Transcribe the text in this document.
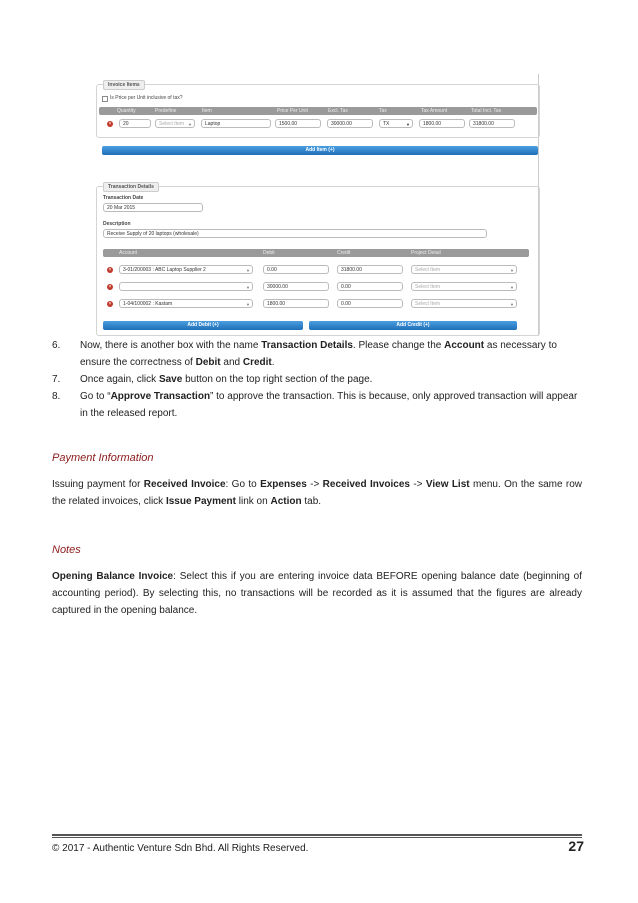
Invoice Items
Is Price per Unit inclusive of tax?
Quantity	Predefine	Item	Price Per Unit	Excl. Tax	Tax	Tax Amount	Total Incl. Tax
×	20	Select Item ▼	Laptop	1500.00	30000.00	TX	▼	1800.00	31800.00
Add Item (+)
Transaction Details
Transaction Date
20 Mar 2015
Description
Receive Supply of 20 laptops (wholesale)
Account	Debit	Credit	Project Detail
×	3-01/200003 : ABC Laptop Supplier 2	▼	0.00	31800.00	Select Item	▼
×	▼	30000.00	0.00	Select Item	▼
×	1-04/100002 : Kastam	▼	1800.00	0.00	Select Item	▼
Add Debit (+)	Add Credit (+)
6. Now, there is another box with the name Transaction Details. Please change the Account as necessary to ensure the correctness of Debit and Credit.
7. Once again, click Save button on the top right section of the page.
8. Go to “Approve Transaction” to approve the transaction. This is because, only approved transaction will appear in the released report.
Payment Information
Issuing payment for Received Invoice: Go to Expenses -> Received Invoices -> View List menu. On the same row the related invoices, click Issue Payment link on Action tab.
Notes
Opening Balance Invoice: Select this if you are entering invoice data BEFORE opening balance date (beginning of accounting period). By selecting this, no transactions will be recorded as it is assumed that the figures are already captured in the opening balance.
© 2017 - Authentic Venture Sdn Bhd. All Rights Reserved.	27
